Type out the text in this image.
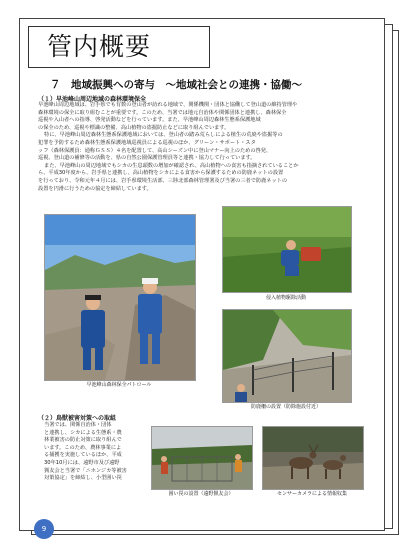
管内概要
７　地域振興への寄与　～地域社会との連携・協働～
（１）早池峰山周辺地域の森林環境保全
早池峰山周辺地域は、岩手県でも有数の登山者が訪れる地域で、関係機関・団体と協働して登山道の維持管理や
森林環境の保全に取り組むことが重要です。このため、当署では地元自治体や関係団体と連携し、森林保全
巡視や入山者への指導、啓発活動などを行っています。また、早池峰山周辺森林生態系保護地域
の保全のため、巡視や標識の整備、高山植物の盗掘防止などに取り組んでいます。
特に、早池峰山周辺森林生態系保護地域においては、登山者の踏み荒らしによる植生の荒廃や盗掘等の
犯罪を予防するため森林生態系保護地域巡視員による巡視のほか、グリーン・サポート・スタ
ッフ（森林保護員：通称ＧＳＳ）４名を配置して、高山シーズン中に登山マナー向上のための啓発、
巡視、登山道の補修等の活動を、県の自然公園保護管理員等と連携・協力して行っています。
また、早池峰山の周辺地域でもシカの生息頭数の増加が確認され、高山植物への食害も指摘されていることか
ら、平成30年度から、岩手県と連携し、高山植物をシカによる食害から保護するための防鹿ネットの設置
を行っており、令和元年４月には、岩手県環境生活部、三陸北部森林管理署及び当署の三者で防鹿ネットの
設置を円滑に行うための協定を締結しています。
早池峰山森林保全パトロール
侵入植物駆除活動
防鹿柵の設置（防除施設付近）
（２）鳥獣被害対策への取組
当署では、関係自治体・団体
と連携し、シカによる生態系・農
林業被害の防止対策に取り組んで
います。このため、農林事業によ
る捕獲を実施しているほか、平成
30年10月には、遠野市及び遠野
猟友会と当署で「ニホンジカ等被害
対策協定」を締結し、小型囲い罠
囲い罠の設置（遠野猟友会）	センサーカメラによる情報収集
9
